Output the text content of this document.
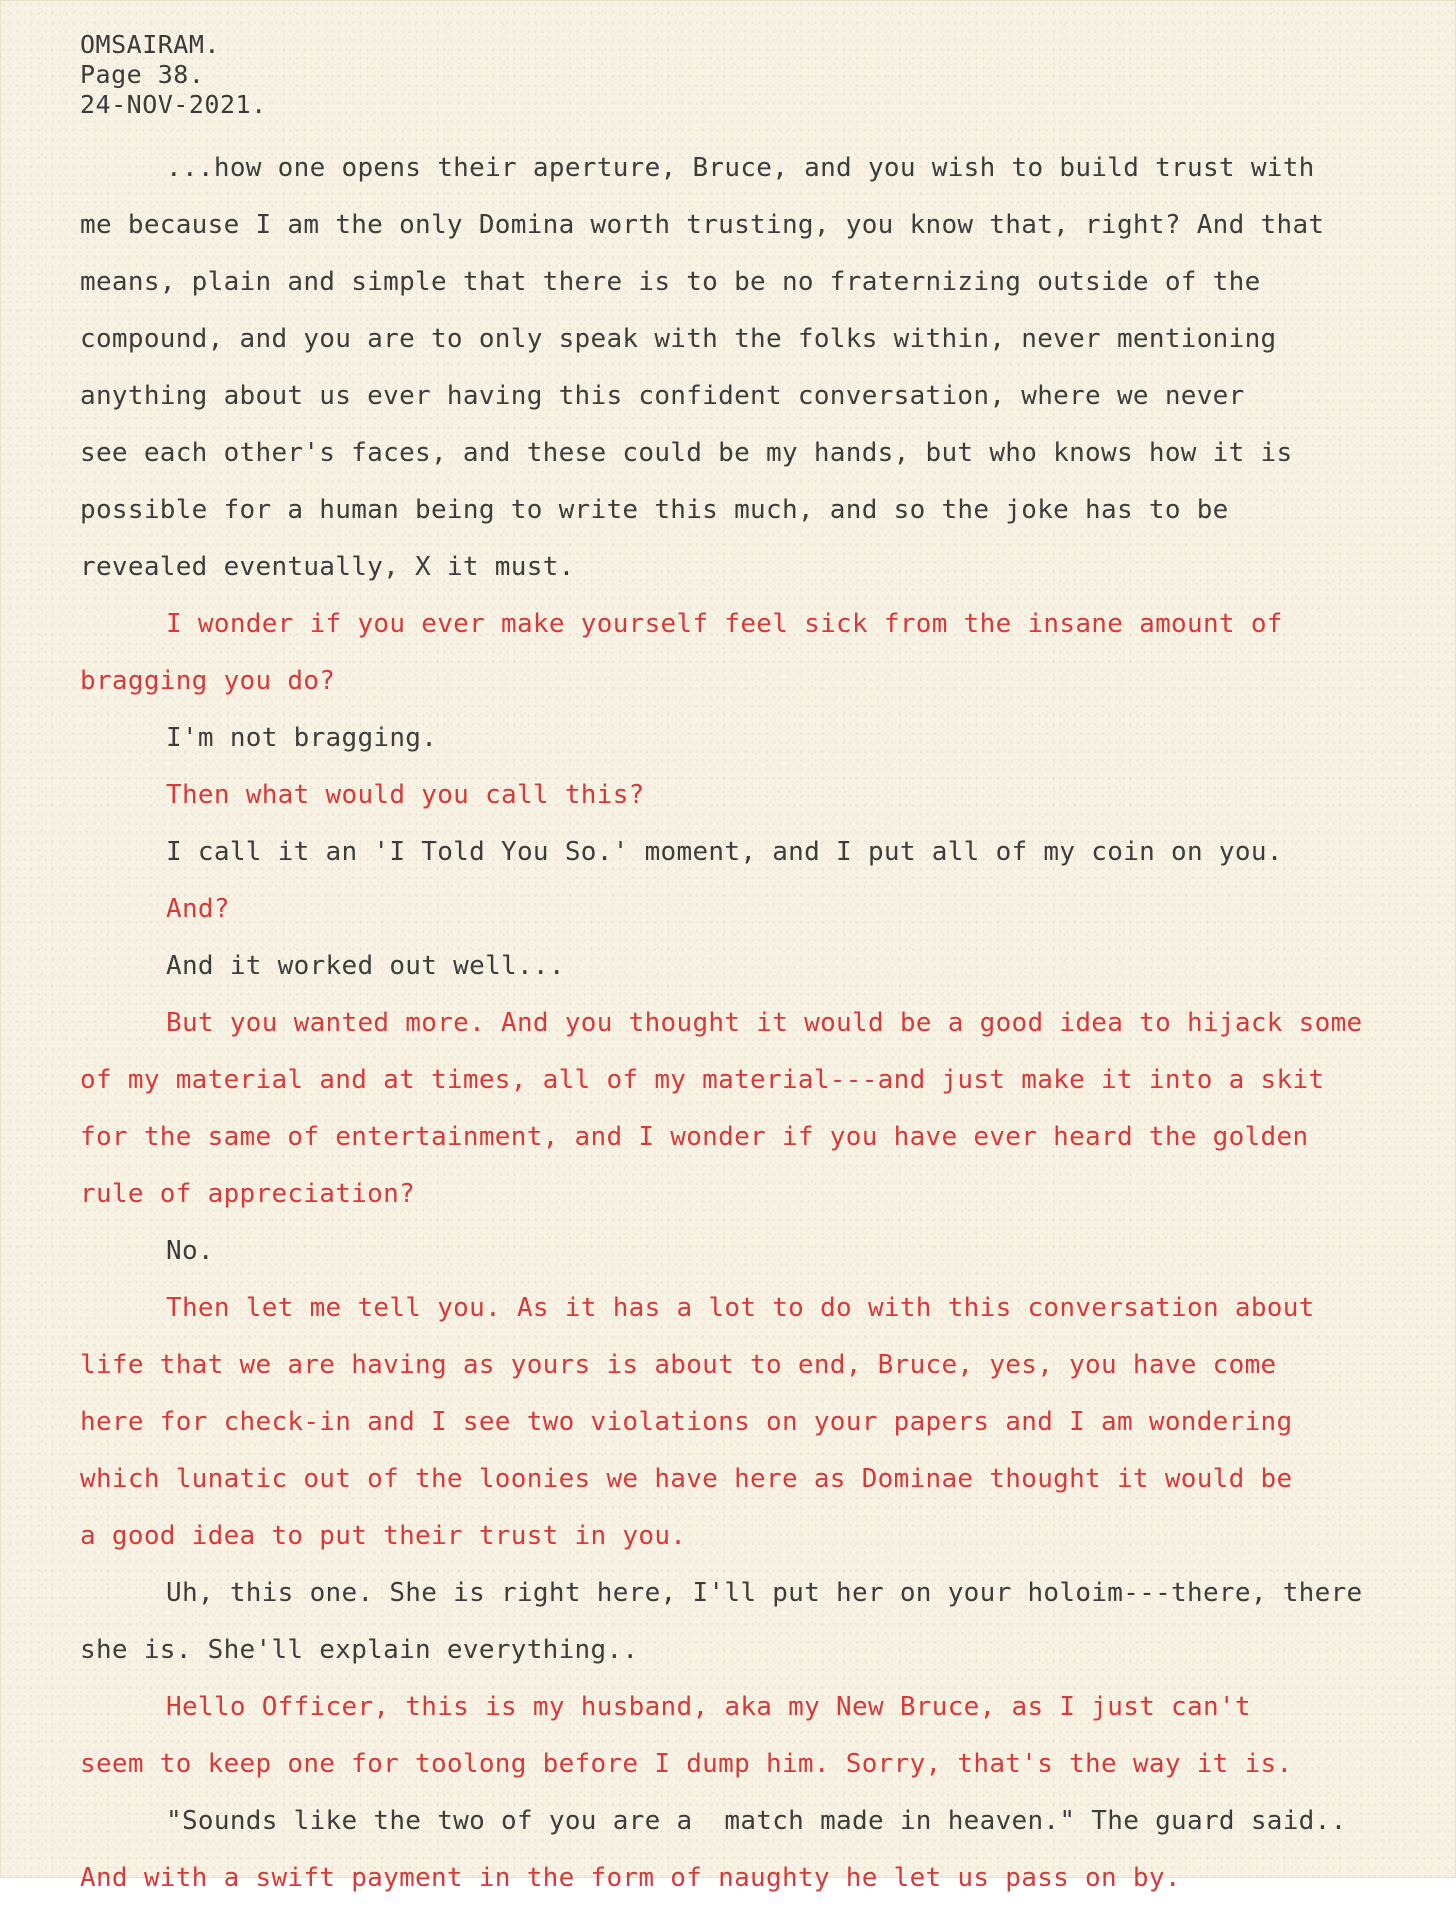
OMSAIRAM.
Page 38.
24-NOV-2021.
...how one opens their aperture, Bruce, and you wish to build trust with
me because I am the only Domina worth trusting, you know that, right? And that
means, plain and simple that there is to be no fraternizing outside of the
compound, and you are to only speak with the folks within, never mentioning
anything about us ever having this confident conversation, where we never
see each other's faces, and these could be my hands, but who knows how it is
possible for a human being to write this much, and so the joke has to be
revealed eventually, X it must.
I wonder if you ever make yourself feel sick from the insane amount of
bragging you do?
I'm not bragging.
Then what would you call this?
I call it an 'I Told You So.' moment, and I put all of my coin on you.
And?
And it worked out well...
But you wanted more. And you thought it would be a good idea to hijack some
of my material and at times, all of my material---and just make it into a skit
for the same of entertainment, and I wonder if you have ever heard the golden
rule of appreciation?
No.
Then let me tell you. As it has a lot to do with this conversation about
life that we are having as yours is about to end, Bruce, yes, you have come
here for check-in and I see two violations on your papers and I am wondering
which lunatic out of the loonies we have here as Dominae thought it would be
a good idea to put their trust in you.
Uh, this one. She is right here, I'll put her on your holoim---there, there
she is. She'll explain everything..
Hello Officer, this is my husband, aka my New Bruce, as I just can't
seem to keep one for toolong before I dump him. Sorry, that's the way it is.
"Sounds like the two of you are a  match made in heaven." The guard said..
And with a swift payment in the form of naughty he let us pass on by.
